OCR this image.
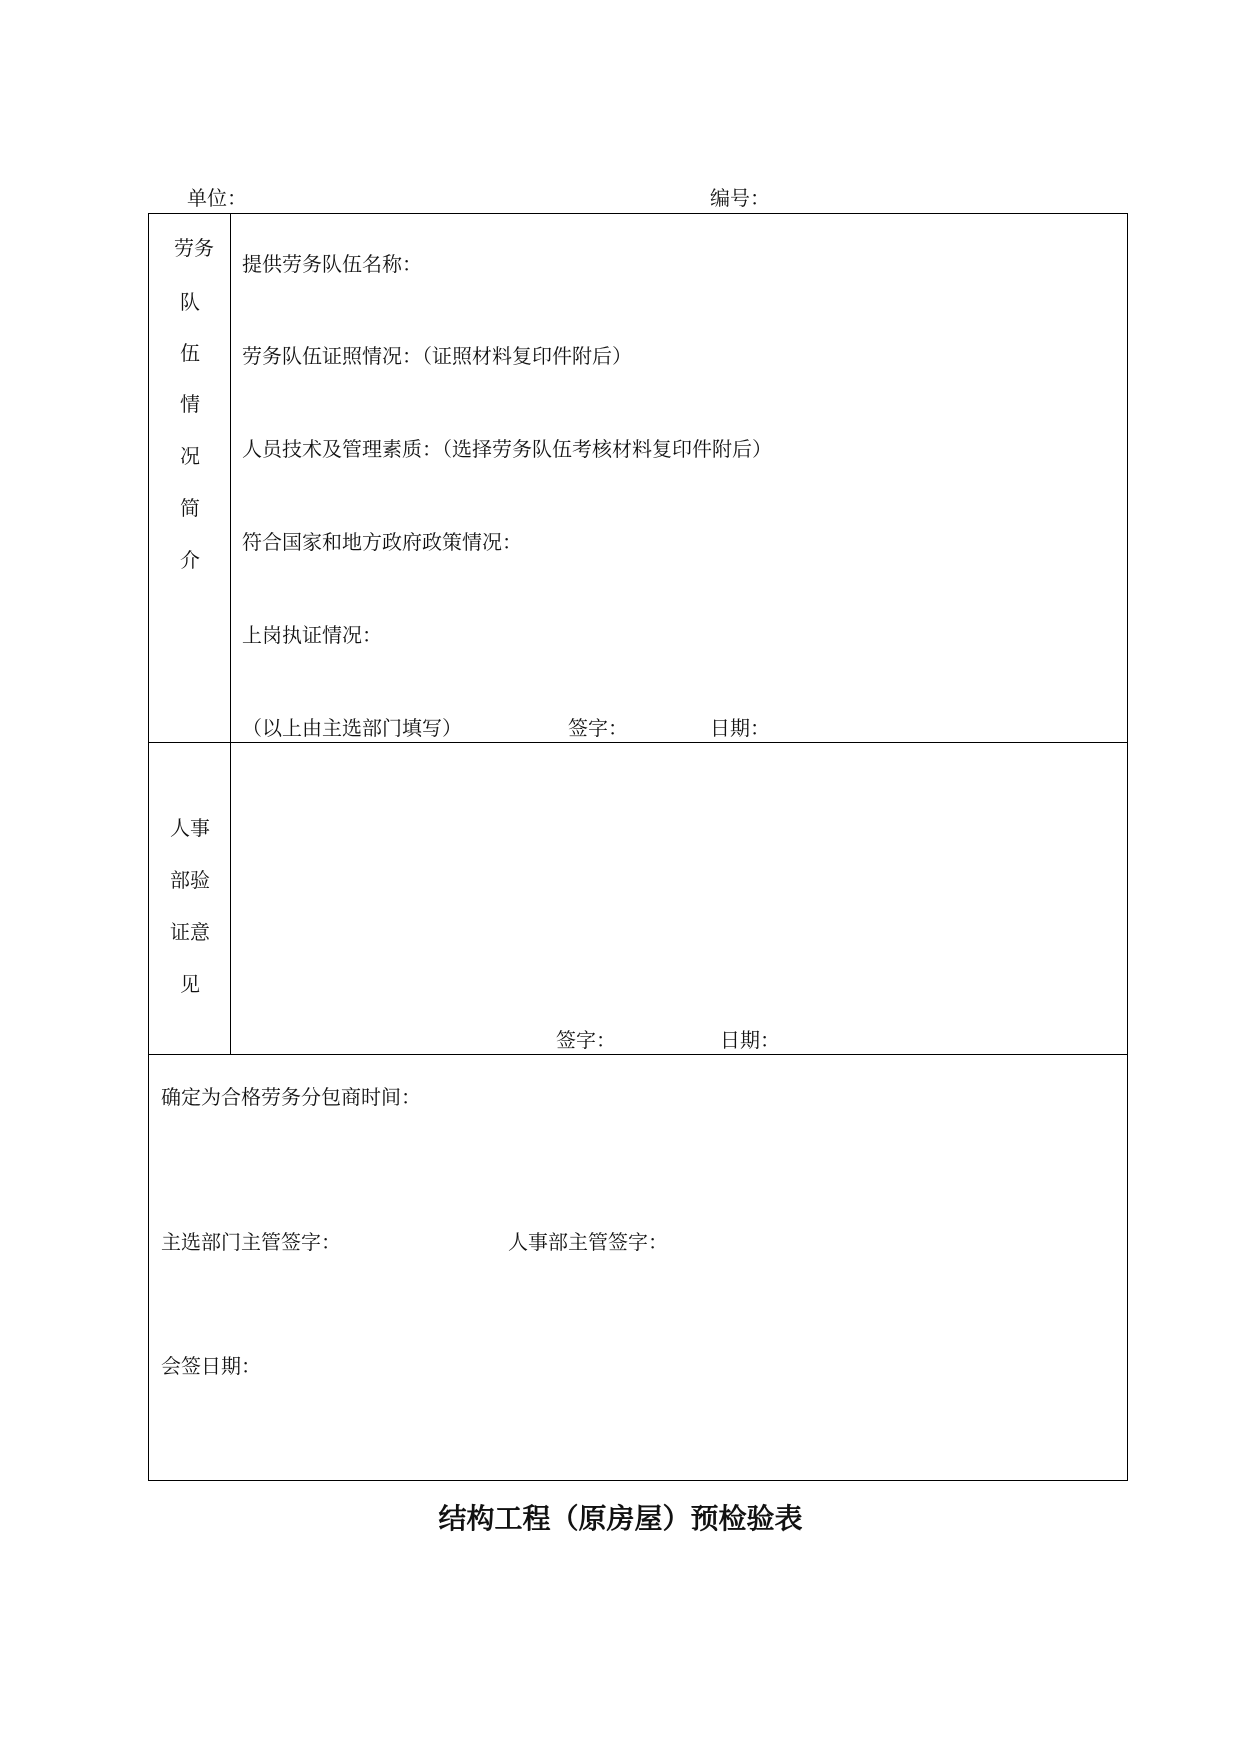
单位：	编号：
劳务
队
伍
情
况
简
介
提供劳务队伍名称：
劳务队伍证照情况：（证照材料复印件附后）
人员技术及管理素质：（选择劳务队伍考核材料复印件附后）
符合国家和地方政府政策情况：
上岗执证情况：
（以上由主选部门填写）	签字：	日期：
人事
部验
证意
见
签字：	日期：
确定为合格劳务分包商时间：
主选部门主管签字：	人事部主管签字：
会签日期：
结构工程（原房屋）预检验表
